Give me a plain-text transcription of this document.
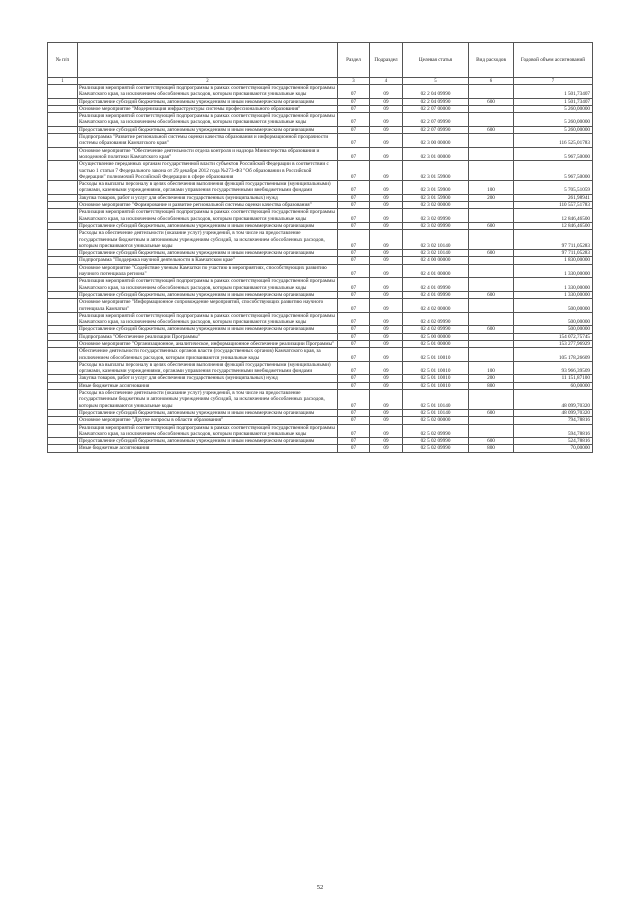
№ п/п		Раздел	Подраздел	Целевая статья	Вид расходов	Годовой объем ассигнований
1	2	3	4	5	6	7
	Реализация мероприятий соответствующей подпрограммы в рамках соответствующей государственной программы Камчатского края, за исключением обособленных расходов, которым присваиваются уникальные коды	07	09	02 2 04 09990		1 501,73407
	Предоставление субсидий бюджетным, автономным учреждениям и иным некоммерческим организациям	07	09	02 2 04 09990	600	1 501,73407
	Основное мероприятие "Модернизация инфраструктуры системы профессионального образования"	07	09	02 2 07 00000		5 260,00000
	Реализация мероприятий соответствующей подпрограммы в рамках соответствующей государственной программы Камчатского края, за исключением обособленных расходов, которым присваиваются уникальные коды	07	09	02 2 07 09990		5 260,00000
	Предоставление субсидий бюджетным, автономным учреждениям и иным некоммерческим организациям	07	09	02 2 07 09990	600	5 260,00000
	Подпрограмма "Развитие региональной системы оценки качества образования и информационной прозрачности системы образования Камчатского края"	07	09	02 3 00 00000		116 525,01783
	Основное мероприятие "Обеспечение деятельности отдела контроля и надзора Министерства образования и молодежной политики Камчатского края"	07	09	02 3 01 00000		5 967,50000
	Осуществление переданных органам государственной власти субъектов Российской Федерации в соответствии с частью 1 статьи 7 Федерального закона от 29 декабря 2012 года №273-ФЗ "Об образовании в Российской Федерации" полномочий Российской Федерации в сфере образования	07	09	02 3 01 59900		5 967,50000
	Расходы на выплаты персоналу в целях обеспечения выполнения функций государственными (муниципальными) органами, казенными учреждениями, органами управления государственными внебюджетными фондами	07	09	02 3 01 59900	100	5 705,51059
	Закупка товаров, работ и услуг для обеспечения государственных (муниципальных) нужд	07	09	02 3 01 59900	200	261,98941
	Основное мероприятие "Формирование и развитие региональной системы оценки качества образования"	07	09	02 3 02 00000		110 557,51783
	Реализация мероприятий соответствующей подпрограммы в рамках соответствующей государственной программы Камчатского края, за исключением обособленных расходов, которым присваиваются уникальные коды	07	09	02 3 02 09990		12 846,46500
	Предоставление субсидий бюджетным, автономным учреждениям и иным некоммерческим организациям	07	09	02 3 02 09990	600	12 846,46500
	Расходы на обеспечение деятельности (оказание услуг) учреждений, в том числе на предоставление государственным бюджетным и автономным учреждениям субсидий, за исключением обособленных расходов, которым присваиваются уникальные коды	07	09	02 3 02 10140		97 711,05283
	Предоставление субсидий бюджетным, автономным учреждениям и иным некоммерческим организациям	07	09	02 3 02 10140	600	97 711,05283
	Подпрограмма "Поддержка научной деятельности в Камчатском крае"	07	09	02 4 00 00000		1 830,00000
	Основное мероприятие "Содействие ученым Камчатки по участию в мероприятиях, способствующих развитию научного потенциала региона"	07	09	02 4 01 00000		1 330,00000
	Реализация мероприятий соответствующей подпрограммы в рамках соответствующей государственной программы Камчатского края, за исключением обособленных расходов, которым присваиваются уникальные коды	07	09	02 4 01 09990		1 330,00000
	Предоставление субсидий бюджетным, автономным учреждениям и иным некоммерческим организациям	07	09	02 4 01 09990	600	1 330,00000
	Основное мероприятие "Информационное сопровождение мероприятий, способствующих развитию научного потенциала Камчатки"	07	09	02 4 02 00000		500,00000
	Реализация мероприятий соответствующей подпрограммы в рамках соответствующей государственной программы Камчатского края, за исключением обособленных расходов, которым присваиваются уникальные коды	07	09	02 4 02 09990		500,00000
	Предоставление субсидий бюджетным, автономным учреждениям и иным некоммерческим организациям	07	09	02 4 02 09990	600	500,00000
	Подпрограмма "Обеспечение реализации Программы"	07	09	02 5 00 00000		154 072,75745
	Основное мероприятие "Организационное, аналитическое, информационное обеспечение реализации Программы"	07	09	02 5 01 00000		153 277,96929
	Обеспечение деятельности государственных органов власти (государственных органов) Камчатского края, за исключением обособленных расходов, которым присваиваются уникальные коды	07	09	02 5 01 10010		105 178,26609
	Расходы на выплаты персоналу в целях обеспечения выполнения функций государственными (муниципальными) органами, казенными учреждениями, органами управления государственными внебюджетными фондами	07	09	02 5 01 10010	100	93 966,39509
	Закупка товаров, работ и услуг для обеспечения государственных (муниципальных) нужд	07	09	02 5 01 10010	200	11 151,87100
	Иные бюджетные ассигнования	07	09	02 5 01 10010	800	60,00000
	Расходы на обеспечение деятельности (оказание услуг) учреждений, в том числе на предоставление государственным бюджетным и автономным учреждениям субсидий, за исключением обособленных расходов, которым присваиваются уникальные коды	07	09	02 5 01 10140		48 099,70320
	Предоставление субсидий бюджетным, автономным учреждениям и иным некоммерческим организациям	07	09	02 5 01 10140	600	48 099,70320
	Основное мероприятие "Другие вопросы в области образования"	07	09	02 5 02 00000		794,78816
	Реализация мероприятий соответствующей подпрограммы в рамках соответствующей государственной программы Камчатского края, за исключением обособленных расходов, которым присваиваются уникальные коды	07	09	02 5 02 09990		594,78816
	Предоставление субсидий бюджетным, автономным учреждениям и иным некоммерческим организациям	07	09	02 5 02 09990	600	524,78816
	Иные бюджетные ассигнования	07	09	02 5 02 09990	800	70,00000
52
